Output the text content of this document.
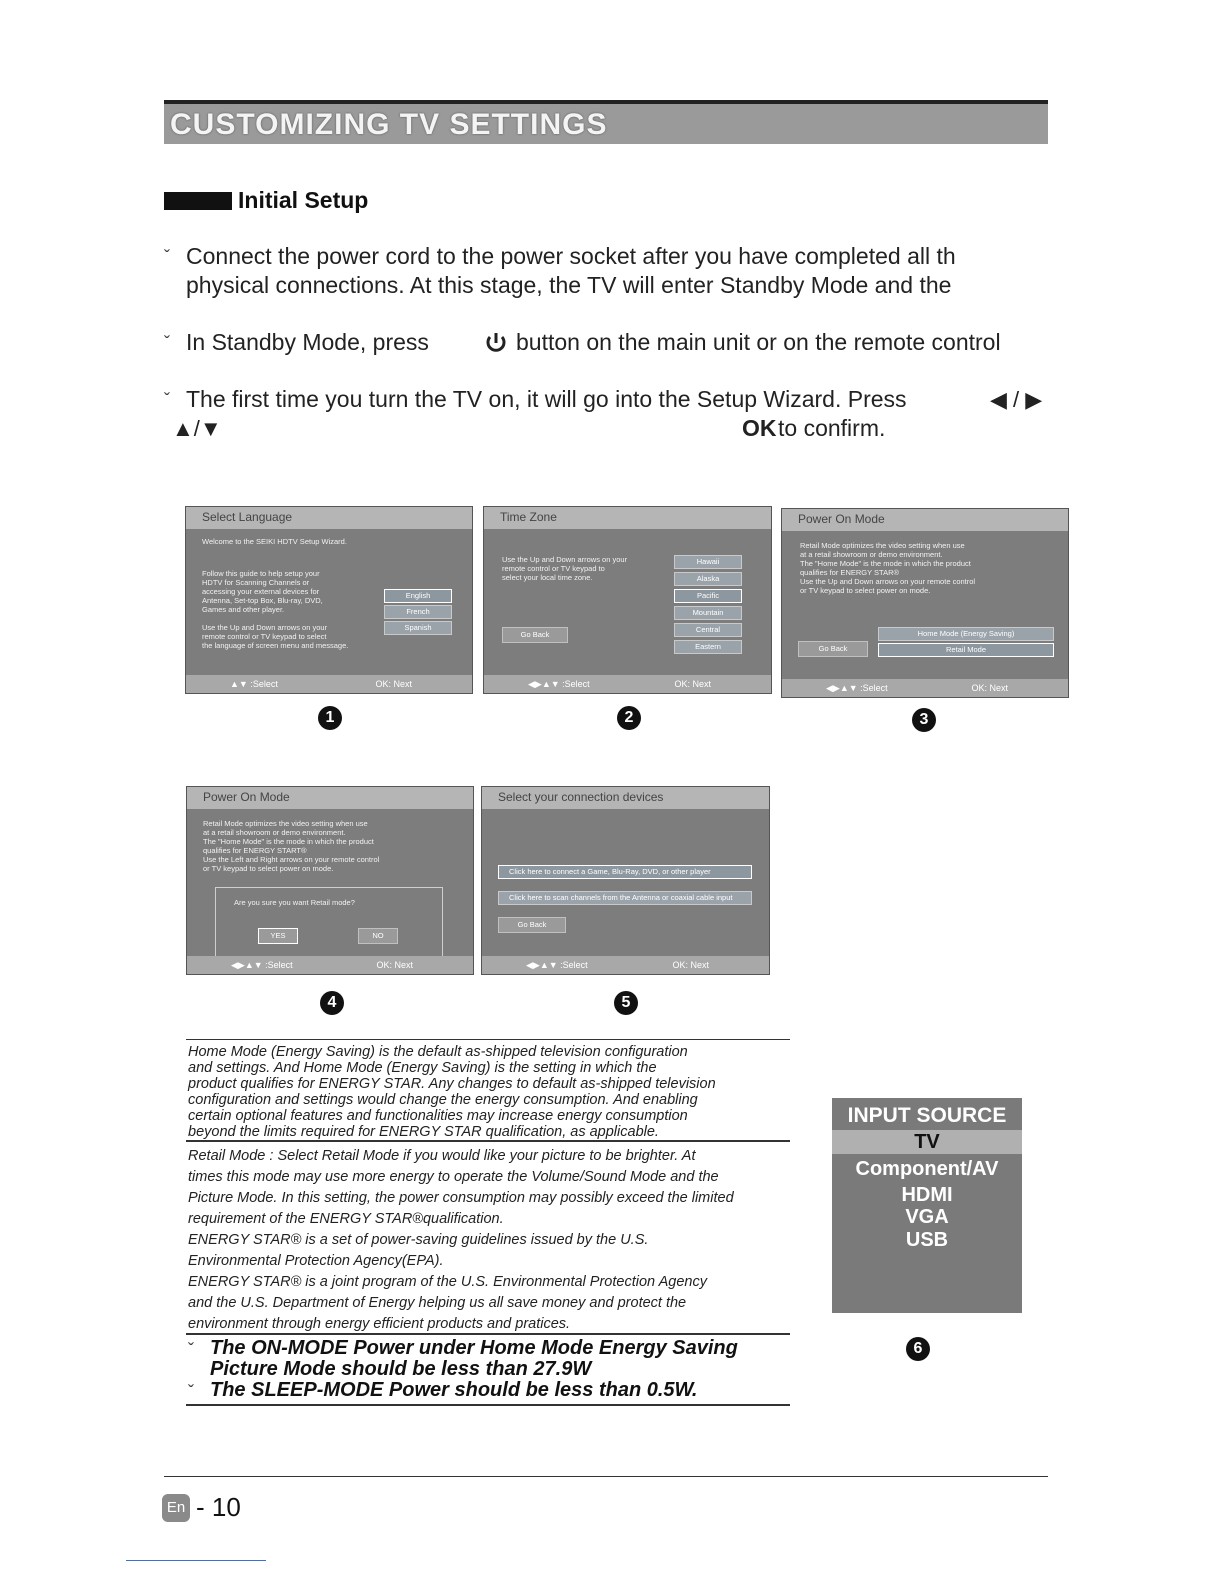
CUSTOMIZING TV SETTINGS
Initial Setup
ˇ Connect the power cord to the power socket after you have completed all th
physical connections. At this stage, the TV will enter Standby Mode and the
ˇ In Standby Mode, press	button on the main unit or on the remote control
ˇ The first time you turn the TV on, it will go into the Setup Wizard. Press	◀ / ▶
▲/▼	OK to confirm.
Select Language
Welcome to the SEIKI HDTV Setup Wizard.
Follow this guide to help setup your
HDTV for Scanning Channels or
accessing your external devices for
Antenna, Set-top Box, Blu-ray, DVD,
Games and other player.
Use the Up and Down arrows on your
remote control or TV keypad to select
the language of screen menu and message.
English
French
Spanish
▲▼ :Select	OK: Next
1
Time Zone
Use the Up and Down arrows on your
remote control or TV keypad to
select your local time zone.
Hawaii
Alaska
Pacific
Mountain
Central
Eastern
Go Back
◀▶▲▼ :Select	OK: Next
2
Power On Mode
Retail Mode optimizes the video setting when use
at a retail showroom or demo environment.
The "Home Mode" is the mode in which the product
qualifies for ENERGY STAR®
Use the Up and Down arrows on your remote control
or TV keypad to select power on mode.
Home Mode (Energy Saving)
Retail Mode
Go Back
◀▶▲▼ :Select	OK: Next
3
Power On Mode
Retail Mode optimizes the video setting when use
at a retail showroom or demo environment.
The "Home Mode" is the mode in which the product
qualifies for ENERGY START®
Use the Left and Right arrows on your remote control
or TV keypad to select power on mode.
Are you sure you want Retail mode?
YES	NO
◀▶▲▼ :Select	OK: Next
4
Select your connection devices
Click here to connect a Game, Blu-Ray, DVD, or other player
Click here to scan channels from the Antenna or coaxial cable input
Go Back
◀▶▲▼ :Select	OK: Next
5
Home Mode (Energy Saving) is the default as-shipped television configuration
and settings. And Home Mode (Energy Saving) is the setting in which the
product qualifies for ENERGY STAR. Any changes to default as-shipped television
configuration and settings would change the energy consumption. And enabling
certain optional features and functionalities may increase energy consumption
beyond the limits required for ENERGY STAR qualification, as applicable.
Retail Mode : Select Retail Mode if you would like your picture to be brighter. At
times this mode may use more energy to operate the Volume/Sound Mode and the
Picture Mode. In this setting, the power consumption may possibly exceed the limited
requirement of the ENERGY STAR®qualification.
ENERGY STAR® is a set of power-saving guidelines issued by the U.S.
Environmental Protection Agency(EPA).
ENERGY STAR® is a joint program of the U.S. Environmental Protection Agency
and the U.S. Department of Energy helping us all save money and protect the
environment through energy efficient products and pratices.
ˇ The ON-MODE Power under Home Mode Energy Saving
Picture Mode should be less than 27.9W
ˇ The SLEEP-MODE Power should be less than 0.5W.
INPUT SOURCE
TV
Component/AV
HDMI
VGA
USB
6
En - 10
